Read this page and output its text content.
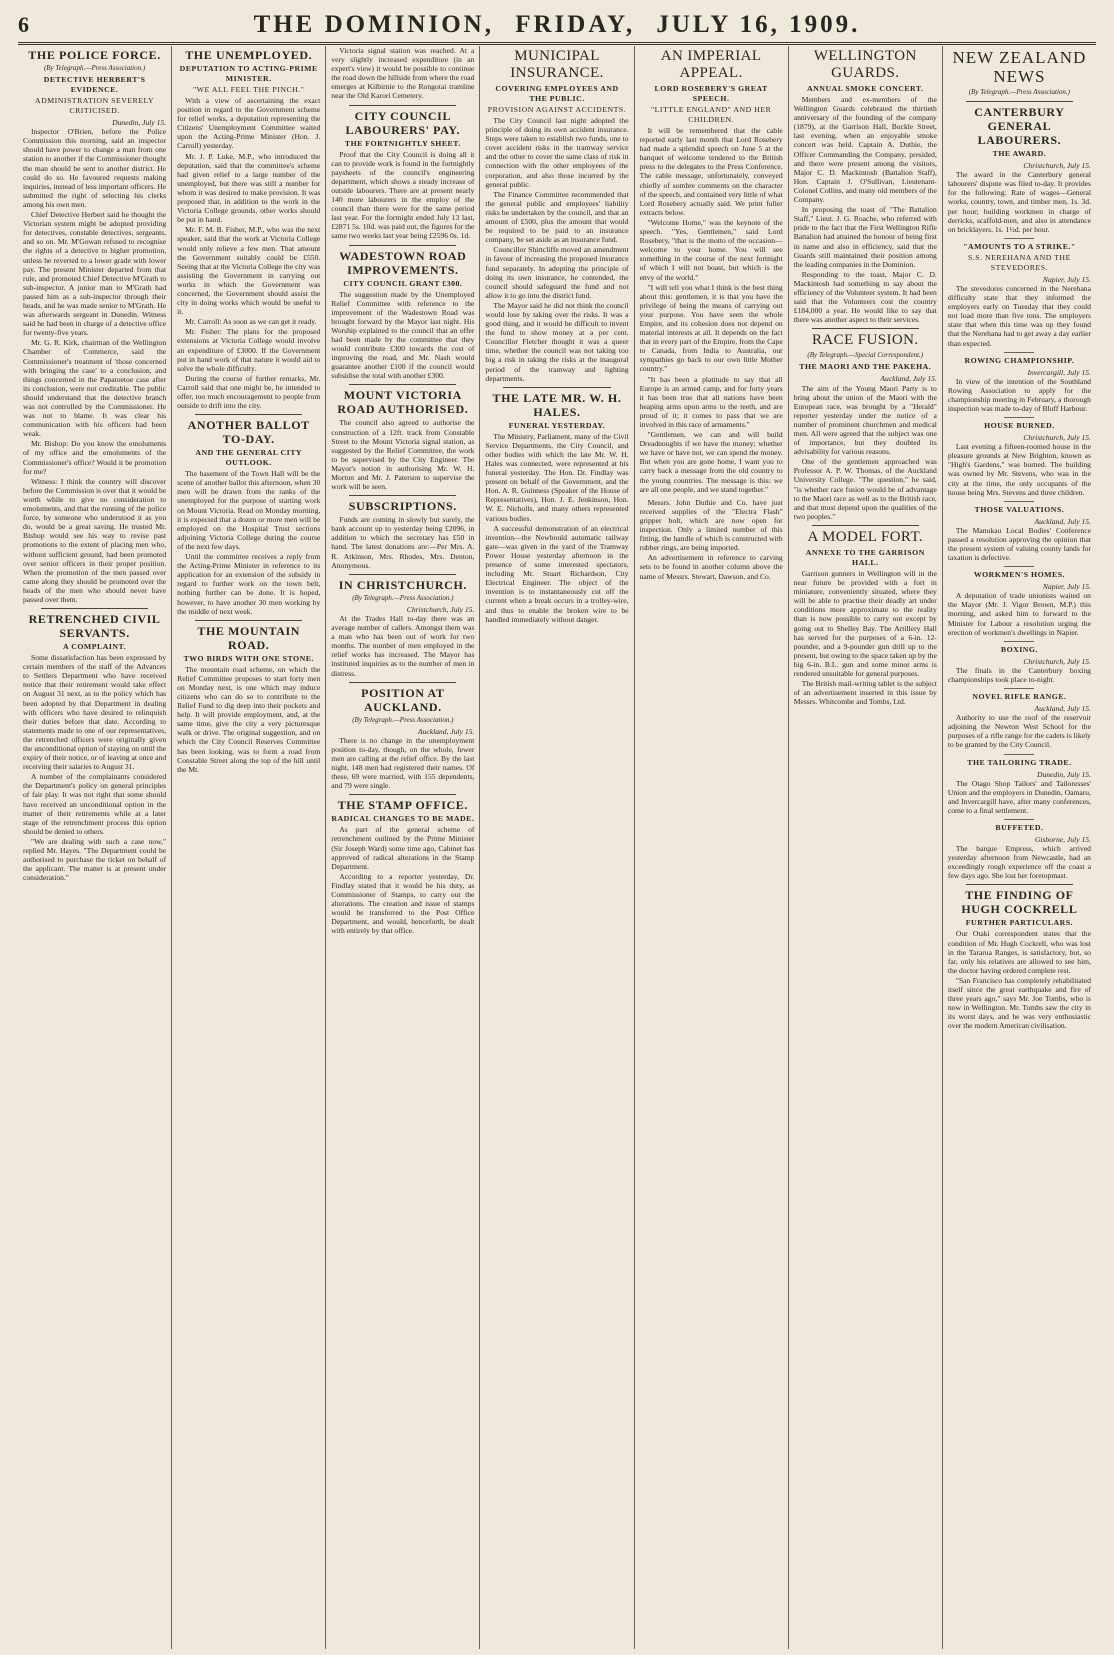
6	THE DOMINION, FRIDAY, JULY 16, 1909.
THE POLICE FORCE.
(By Telegraph.—Press Association.)
DETECTIVE HERBERT'S EVIDENCE.
ADMINISTRATION SEVERELY CRITICISED.
Dunedin, July 15.

Inspector O'Brien, before the Police Commission this morning, said an inspector should have power to change a man from one station to another if the Commissioner thought the man should be sent to another district. He could do so. He favoured requests making inquiries, instead of less important officers. He submitted the right of selecting his clerks among his own men.

Chief Detective Herbert said he thought the Victorian system might be adopted providing for detectives, constable detectives, sergeants, and so on. Mr. M'Gowan refused to recognise the rights of a detective to higher promotion, unless he reverted to a lower grade with lower pay. The present Minister departed from that rule, and promoted Chief Detective M'Grath to sub-inspector. A junior man to M'Grath had passed him as a sub-inspector through their heads, and he was made senior to M'Grath. He was afterwards sergeant in Dunedin. Witness said he had been in charge of a detective office for twenty-five years.

Mr. G. R. Kirk, chairman of the Wellington Chamber of Commerce, said the Commissioner's treatment of 'those concerned with bringing the case' to a conclusion, and things concerned in the Papatoetoe case after its conclusion, were not creditable. The public should understand that the detective branch was not controlled by the Commissioner. He was not to blame. It was clear his communication with his officers had been weak.

Mr. Bishop: Do you know the emoluments of my office and the emoluments of the Commissioner's office? Would it be promotion for me?

Witness: I think the country will discover before the Commission is over that it would be worth while to give no consideration to emoluments, and that the running of the police force, by someone who understood it as you do, would be a great saving. He trusted Mr. Bishop would see his way to revise past promotions to the extent of placing men who, without sufficient ground, had been promoted over senior officers in their proper position. When the promotion of the men passed over came along they should be promoted over the heads of the men who should never have passed over them.

RETRENCHED CIVIL SERVANTS.
A COMPLAINT.

Some dissatisfaction has been expressed by certain members of the staff of the Advances to Settlers Department who have received notice that their retirement would take effect on August 31 next, as to the policy which has been adopted by that Department in dealing with officers who have desired to relinquish their duties before that date. According to statements made to one of our representatives, the retrenched officers were originally given the unconditional option of staying on until the expiry of their notice, or of leaving at once and receiving their salaries to August 31.

A number of the complainants considered the Department's policy on general principles of fair play. It was not right that some should have received an unconditional option in the matter of their retirements while at a later stage of the retrenchment process this option should be denied to others.

"We are dealing with such a case now," replied Mr. Hayes. "The Department could be authorised to purchase the ticket on behalf of the applicant. The matter is at present under consideration."

THE UNEMPLOYED.
DEPUTATION TO ACTING-PRIME MINISTER.
"WE ALL FEEL THE PINCH."

With a view of ascertaining the exact position in regard to the Government scheme for relief works, a deputation representing the Citizens' Unemployment Committee waited upon the Acting-Prime Minister (Hon. J. Carroll) yesterday.

Mr. J. P. Luke, M.P., who introduced the deputation, said that the committee's scheme had given relief to a large number of the unemployed, but there was still a number for whom it was desired to make provision. It was proposed that, in addition to the work in the Victoria College grounds, other works should be put in hand.

Mr. F. M. B. Fisher, M.P., who was the next speaker, said that the work at Victoria College would only relieve a few men. That amount the Government suitably could be £550. Seeing that at the Victoria College the city was assisting the Government in carrying out works in which the Government was concerned, the Government should assist the city in doing works which would be useful to it.

Mr. Carroll: As soon as we can get it ready.

Mr. Fisher: The plans for the proposed extensions at Victoria College would involve an expenditure of £3000. If the Government put in hand work of that nature it would aid to solve the whole difficulty.

During the course of further remarks, Mr. Carroll said that one might be, he intended to offer, too much encouragement to people from outside to drift into the city.

ANOTHER BALLOT TO-DAY.
AND THE GENERAL CITY OUTLOOK.

The basement of the Town Hall will be the scene of another ballot this afternoon, when 30 men will be drawn from the ranks of the unemployed for the purpose of starting work on Mount Victoria. Read on Monday morning, it is expected that a dozen or more men will be employed on the Hospital Trust sections adjoining Victoria College during the course of the next few days.

Until the committee receives a reply from the Acting-Prime Minister in reference to its application for an extension of the subsidy in regard to further work on the town belt, nothing further can be done. It is hoped, however, to have another 30 men working by the middle of next week.

THE MOUNTAIN ROAD.
TWO BIRDS WITH ONE STONE.

The mountain road scheme, on which the Relief Committee proposes to start forty men on Monday next, is one which may induce citizens who can do so to contribute to the Relief Fund to dig deep into their pockets and help. It will provide employment, and, at the same time, give the city a very picturesque walk or drive. The original suggestion, and on which the City Council Reserves Committee has been looking, was to form a road from Constable Street along the top of the hill until the Mt.

Victoria signal station was reached. At a very slightly increased expenditure (in an expert's view) it would be possible to continue the road down the hillside from where the road emerges at Kilbirnie to the Rongotai tramline near the Old Karori Cemetery.

CITY COUNCIL LABOURERS' PAY.
THE FORTNIGHTLY SHEET.

Proof that the City Council is doing all it can to provide work is found in the fortnightly paysheets of the council's engineering department, which shows a steady increase of outside labourers. There are at present nearly 140 more labourers in the employ of the council than there were for the same period last year. For the fortnight ended July 13 last, £2871 5s. 10d. was paid out, the figures for the same two weeks last year being £2596 0s. 1d.

WADESTOWN ROAD IMPROVEMENTS.
CITY COUNCIL GRANT £300.

The suggestion made by the Unemployed Relief Committee with reference to the improvement of the Wadestown Road was brought forward by the Mayor last night. His Worship explained to the council that an offer had been made by the committee that they would contribute £300 towards the cost of improving the road, and Mr. Nash would guarantee another £100 if the council would subsidise the total with another £300.

MOUNT VICTORIA ROAD AUTHORISED.

The council also agreed to authorise the construction of a 12ft. track from Constable Street to the Mount Victoria signal station, as suggested by the Relief Committee, the work to be supervised by the City Engineer. The Mayor's notion in authorising Mr. W. H. Morton and Mr. J. Paterson to supervise the work will be seen.

SUBSCRIPTIONS.

Funds are coming in slowly but surely, the bank account up to yesterday being £2096, in addition to which the secretary has £50 in hand. The latest donations are:—Per Mrs. A. R. Atkinson, Mrs. Rhodes, Mrs. Denton, Anonymous.

IN CHRISTCHURCH.
(By Telegraph.—Press Association.)
Christchurch, July 15.

At the Trades Hall to-day there was an average number of callers. Amongst them was a man who has been out of work for two months. The number of men employed in the relief works has increased. The Mayor has instituted inquiries as to the number of men in distress.

POSITION AT AUCKLAND.
(By Telegraph.—Press Association.)
Auckland, July 15.

There is no change in the unemployment position to-day, though, on the whole, fewer men are calling at the relief office. By the last night, 148 men had registered their names. Of these, 69 were married, with 155 dependents, and 79 were single.

THE STAMP OFFICE.
RADICAL CHANGES TO BE MADE.

As part of the general scheme of retrenchment outlined by the Prime Minister (Sir Joseph Ward) some time ago, Cabinet has approved of radical alterations in the Stamp Department.

According to a reporter yesterday, Dr. Findlay stated that it would be his duty, as Commissioner of Stamps, to carry out the alterations. The creation and issue of stamps would be transferred to the Post Office Department, and would, henceforth, be dealt with entirely by that office.

MUNICIPAL INSURANCE.
COVERING EMPLOYEES AND THE PUBLIC.
PROVISION AGAINST ACCIDENTS.

The City Council last night adopted the principle of doing its own accident insurance. Steps were taken to establish two funds, one to cover accident risks in the tramway service and the other to cover the same class of risk in connection with the other employees of the corporation, and also those incurred by the general public.

The Finance Committee recommended that the general public and employees' liability risks be undertaken by the council, and that an amount of £500, plus the amount that would be required to be paid to an insurance company, be set aside as an insurance fund.

Councillor Shirtcliffe moved an amendment in favour of increasing the proposed insurance fund separately. In adopting the principle of doing its own insurance, he contended, the council should safeguard the fund and not allow it to go into the district fund.

The Mayor said he did not think the council would lose by taking over the risks. It was a good thing, and it would be difficult to invent the fund to show money at a per cent. Councillor Fletcher thought it was a queer time, whether the council was not taking too big a risk in taking the risks at the inaugural period of the tramway and lighting departments.

THE LATE MR. W. H. HALES.
FUNERAL YESTERDAY.

The Ministry, Parliament, many of the Civil Service Departments, the City Council, and other bodies with which the late Mr. W. H. Hales was connected, were represented at his funeral yesterday. The Hon. Dr. Findlay was present on behalf of the Government, and the Hon. A. R. Guinness (Speaker of the House of Representatives), Hon. J. E. Jenkinson, Hon. W. E. Nicholls, and many others represented various bodies.

A successful demonstration of an electrical invention—the Newbould automatic railway gate—was given in the yard of the Tramway Power House yesterday afternoon in the presence of some interested spectators, including Mr. Stuart Richardson, City Electrical Engineer. The object of the invention is to instantaneously cut off the current when a break occurs in a trolley-wire, and thus to enable the broken wire to be handled immediately without danger.

AN IMPERIAL APPEAL.
LORD ROSEBERY'S GREAT SPEECH.
"LITTLE ENGLAND" AND HER CHILDREN.

It will be remembered that the cable reported early last month that Lord Rosebery had made a splendid speech on June 5 at the banquet of welcome tendered to the British press to the delegates to the Press Conference. The cable message, unfortunately, conveyed chiefly of sombre comments on the character of the speech, and contained very little of what Lord Rosebery actually said. We print fuller extracts below.

"Welcome Home," was the keynote of the speech. "Yes, Gentlemen," said Lord Rosebery, "that is the motto of the occasion—welcome to your home. You will see something in the course of the next fortnight of which I will not boast, but which is the envy of the world."

"I will tell you what I think is the best thing about this: gentlemen, it is that you have the privilege of being the means of carrying out your purpose. You have seen the whole Empire, and its cohesion does not depend on material interests at all. It depends on the fact that in every part of the Empire, from the Cape to Canada, from India to Australia, our sympathies go back to our own little Mother country."

"It has been a platitude to say that all Europe is an armed camp, and for forty years it has been true that all nations have been heaping arms upon arms to the teeth, and are proud of it; it comes to pass that we are involved in this race of armaments."

"Gentlemen, we can and will build Dreadnoughts if we have the money; whether we have or have not, we can spend the money. But when you are gone home, I want you to carry back a message from the old country to the young countries. The message is this: we are all one people, and we stand together."

Messrs. John Duthie and Co. have just received supplies of the "Electra Flash" gripper bolt, which are now open for inspection. Only a limited number of this fitting, the handle of which is constructed with rubber rings, are being imported.

An advertisement in reference to carving sets to be found in another column above the name of Messrs. Stewart, Dawson, and Co.

WELLINGTON GUARDS.
ANNUAL SMOKE CONCERT.

Members and ex-members of the Wellington Guards celebrated the thirtieth anniversary of the founding of the company (1879), at the Garrison Hall, Buckle Street, last evening, when an enjoyable smoke concert was held. Captain A. Duthie, the Officer Commanding the Company, presided, and there were present among the visitors, Major C. D. Mackintosh (Battalion Staff), Hon. Captain J. O'Sullivan, Lieutenant-Colonel Collins, and many old members of the Company.

In proposing the toast of "The Battalion Staff," Lieut. J. G. Roache, who referred with pride to the fact that the First Wellington Rifle Battalion had attained the honour of being first in name and also in efficiency, said that the Guards still maintained their position among the leading companies in the Dominion.

Responding to the toast, Major C. D. Mackintosh had something to say about the efficiency of the Volunteer system. It had been said that the Volunteers cost the country £184,000 a year. He would like to say that there was another aspect to their services.

RACE FUSION.
(By Telegraph.—Special Correspondent.)
THE MAORI AND THE PAKEHA.
Auckland, July 15.

The aim of the Young Maori Party is to bring about the union of the Maori with the European race, was brought by a "Herald" reporter yesterday under the notice of a number of prominent churchmen and medical men. All were agreed that the subject was one of importance, but they doubted its advisability for various reasons.

One of the gentlemen approached was Professor A. P. W. Thomas, of the Auckland University College. "The question," he said, "is whether race fusion would be of advantage to the Maori race as well as to the British race, and that must depend upon the qualities of the two peoples."

A MODEL FORT.
ANNEXE TO THE GARRISON HALL.

Garrison gunners in Wellington will in the near future be provided with a fort in miniature, conveniently situated, where they will be able to practise their deadly art under conditions more approximate to the reality than is now possible to carry out except by going out to Shelley Bay. The Artillery Hall has served for the purposes of a 6-in. 12-pounder, and a 9-pounder gun drill up to the present, but owing to the space taken up by the big 6-in. B.L. gun and some minor arms is rendered unsuitable for general purposes.

The British mail-writing tablet is the subject of an advertisement inserted in this issue by Messrs. Whitcombe and Tombs, Ltd.

NEW ZEALAND NEWS
(By Telegraph.—Press Association.)
CANTERBURY GENERAL LABOURERS.
THE AWARD.
Christchurch, July 15.

The award in the Canterbury general labourers' dispute was filed to-day. It provides for the following: Rate of wages—General works, country, town, and timber men, 1s. 3d. per hour; building workmen in charge of derricks, scaffold-men, and also in attendance on bricklayers, 1s. 1½d. per hour.

"AMOUNTS TO A STRIKE."
S.S. NEREHANA AND THE STEVEDORES.
Napier, July 15.

The stevedores concerned in the Nerehana difficulty state that they informed the employers early on Tuesday that they could not load more than five tons. The employers state that when this time was up they found that the Nerehana had to get away a day earlier than expected.

ROWING CHAMPIONSHIP.
Invercargill, July 15.

In view of the intention of the Southland Rowing Association to apply for the championship meeting in February, a thorough inspection was made to-day of Bluff Harbour.

HOUSE BURNED.
Christchurch, July 15.

Last evening a fifteen-roomed house in the pleasure grounds at New Brighton, known as "High's Gardens," was burned. The building was owned by Mr. Stevens, who was in the city at the time, the only occupants of the house being Mrs. Stevens and three children.

THOSE VALUATIONS.
Auckland, July 15.

The Manukau Local Bodies' Conference passed a resolution approving the opinion that the present system of valuing county lands for taxation is defective.

WORKMEN'S HOMES.
Napier, July 15.

A deputation of trade unionists waited on the Mayor (Mr. J. Vigor Brown, M.P.) this morning, and asked him to forward to the Minister for Labour a resolution urging the erection of workmen's dwellings in Napier.

BOXING.
Christchurch, July 15.

The finals in the Canterbury boxing championships took place to-night.

NOVEL RIFLE RANGE.
Auckland, July 15.

Authority to use the roof of the reservoir adjoining the Newton West School for the purposes of a rifle range for the cadets is likely to be granted by the City Council.

THE TAILORING TRADE.
Dunedin, July 15.

The Otago Shop Tailors' and Tailoresses' Union and the employers in Dunedin, Oamaru, and Invercargill have, after many conferences, come to a final settlement.

BUFFETED.
Gisborne, July 15.

The barque Empress, which arrived yesterday afternoon from Newcastle, had an exceedingly rough experience off the coast a few days ago. She lost her foretopmast.

THE FINDING OF HUGH COCKRELL
FURTHER PARTICULARS.

Our Otaki correspondent states that the condition of Mr. Hugh Cockrell, who was lost in the Tararua Ranges, is satisfactory, but, so far, only his relatives are allowed to see him, the doctor having ordered complete rest.

"San Francisco has completely rehabilitated itself since the great earthquake and fire of three years ago," says Mr. Joe Tombs, who is now in Wellington. Mr. Tombs saw the city in its worst days, and he was very enthusiastic over the modern American civilisation.
